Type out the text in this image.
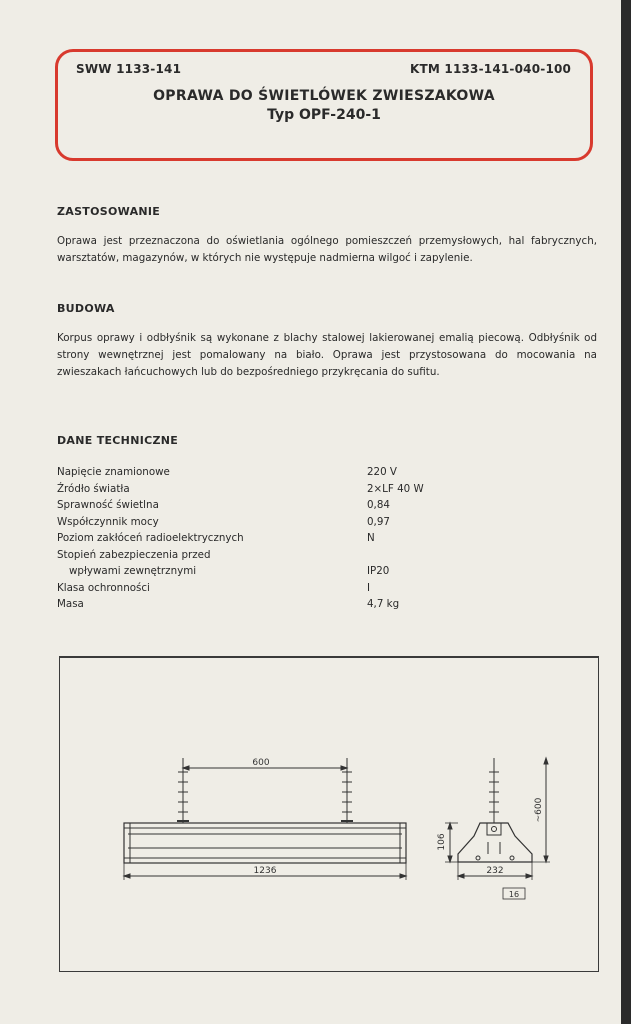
SWW 1133-141	KTM 1133-141-040-100
OPRAWA DO ŚWIETLÓWEK ZWIESZAKOWA
Typ OPF-240-1
ZASTOSOWANIE

Oprawa jest przeznaczona do oświetlania ogólnego pomieszczeń przemysłowych, hal fabrycznych, warsztatów, magazynów, w których nie występuje nadmierna wilgoć i zapylenie.

BUDOWA

Korpus oprawy i odbłyśnik są wykonane z blachy stalowej lakierowanej emalią piecową. Odbłyśnik od strony wewnętrznej jest pomalowany na biało. Oprawa jest przystosowana do mocowania na zwieszakach łańcuchowych lub do bezpośredniego przykręcania do sufitu.

DANE TECHNICZNE
Napięcie znamionowe	220 V
Źródło światła	2×LF 40 W
Sprawność świetlna	0,84
Współczynnik mocy	0,97
Poziom zakłóceń radioelektrycznych	N
Stopień zabezpieczenia przed
wpływami zewnętrznymi	IP20
Klasa ochronności	I
Masa	4,7 kg
600
1236
106
~600
232
16
